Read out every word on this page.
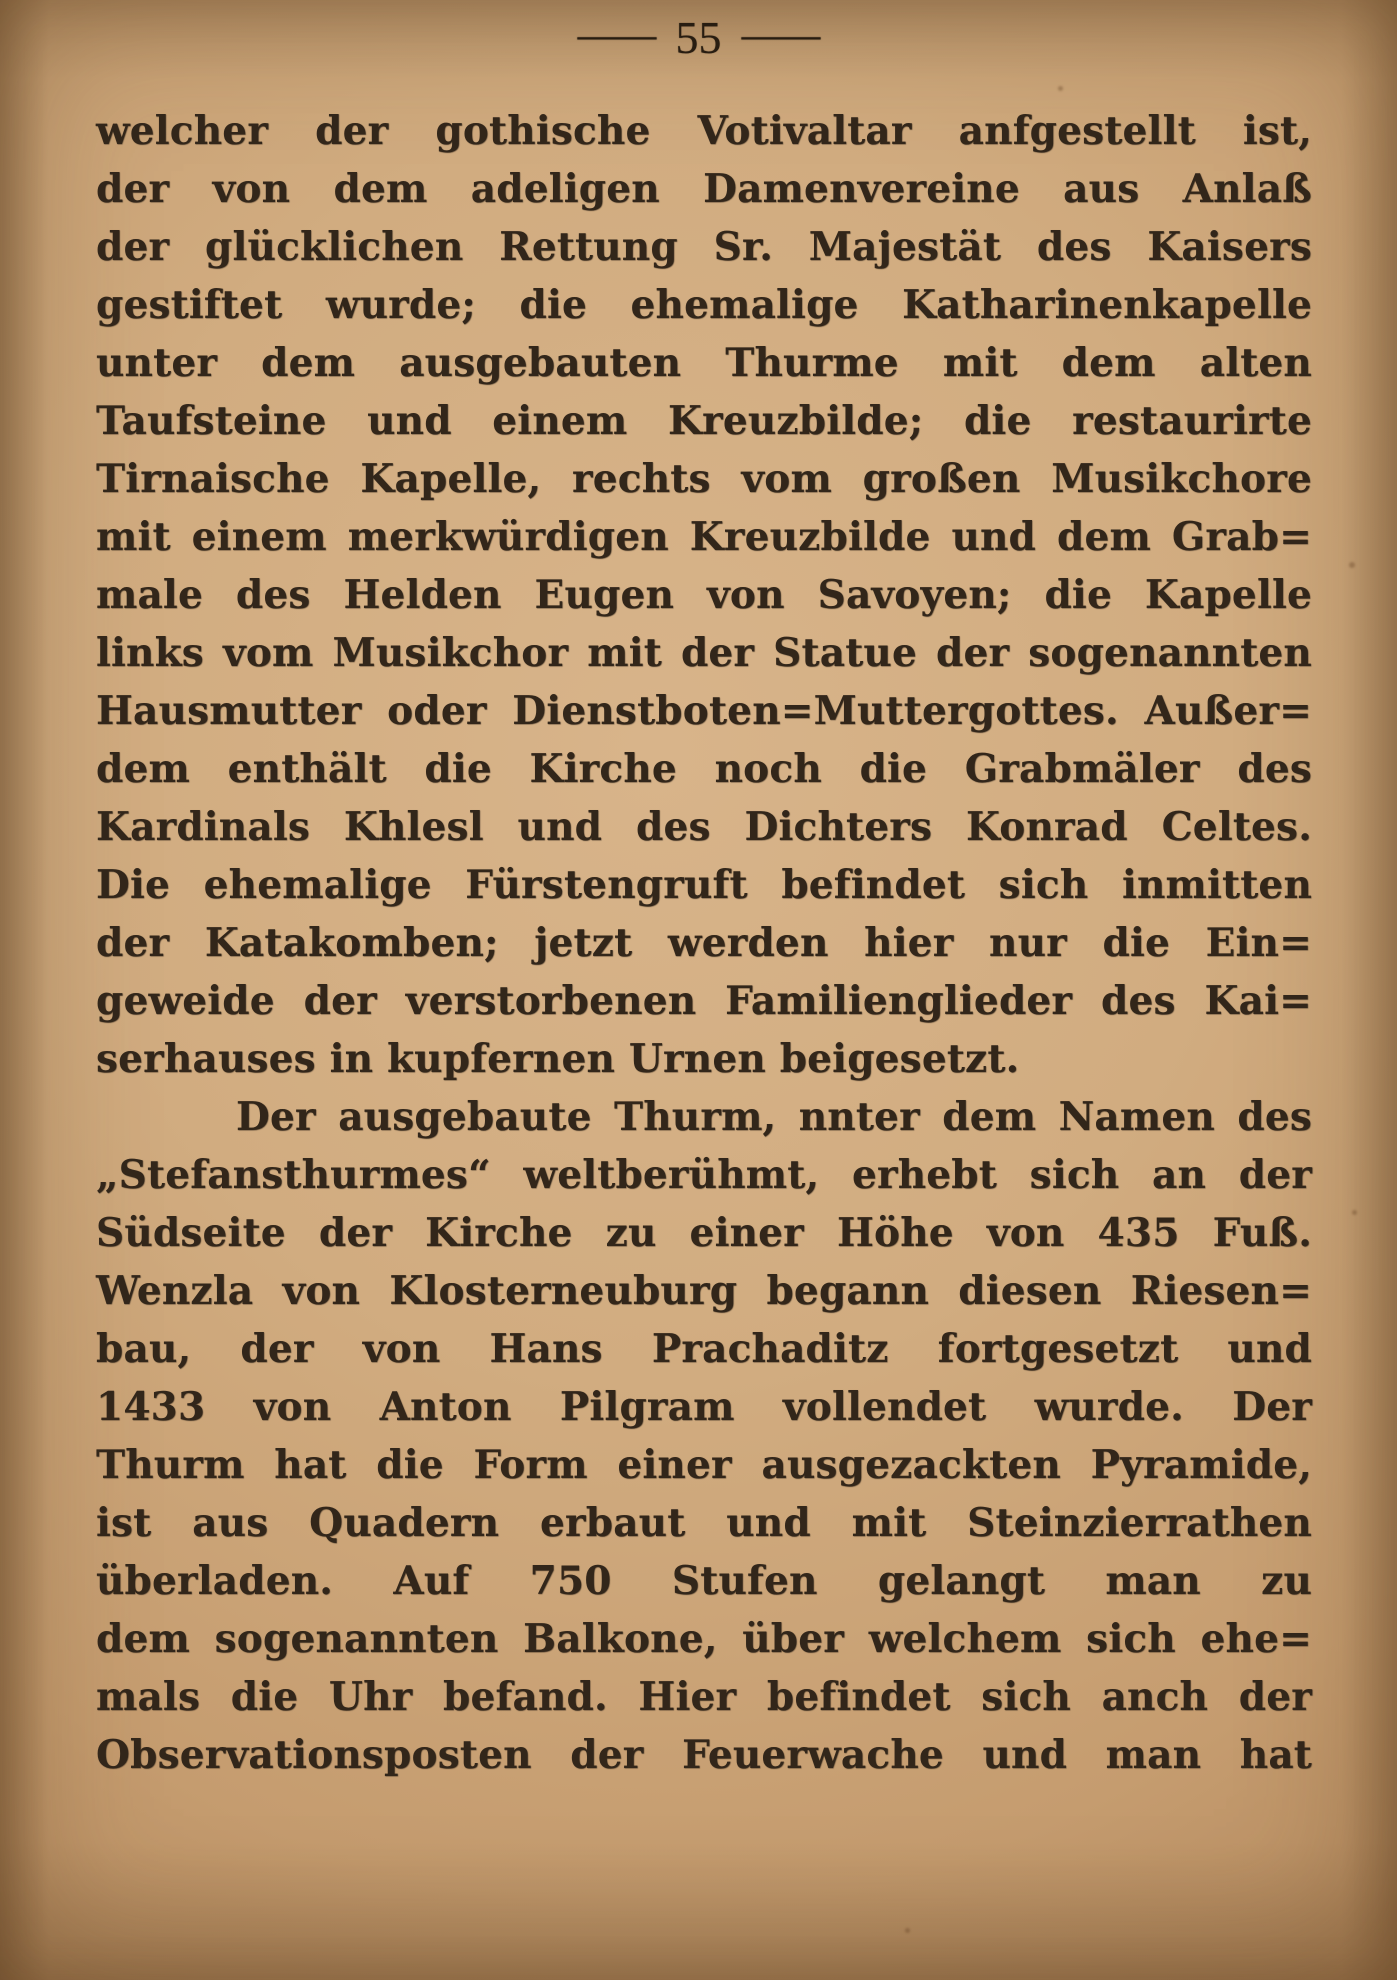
— 55 —
welcher der gothische Votivaltar anfgestellt ist,
der von dem adeligen Damenvereine aus Anlaß
der glücklichen Rettung Sr. Majestät des Kaisers
gestiftet wurde; die ehemalige Katharinenkapelle
unter dem ausgebauten Thurme mit dem alten
Taufsteine und einem Kreuzbilde; die restaurirte
Tirnaische Kapelle, rechts vom großen Musikchore
mit einem merkwürdigen Kreuzbilde und dem Grab=
male des Helden Eugen von Savoyen; die Kapelle
links vom Musikchor mit der Statue der sogenannten
Hausmutter oder Dienstboten=Muttergottes. Außer=
dem enthält die Kirche noch die Grabmäler des
Kardinals Khlesl und des Dichters Konrad Celtes.
Die ehemalige Fürstengruft befindet sich inmitten
der Katakomben; jetzt werden hier nur die Ein=
geweide der verstorbenen Familienglieder des Kai=
serhauses in kupfernen Urnen beigesetzt.
Der ausgebaute Thurm, nnter dem Namen des
„Stefansthurmes“ weltberühmt, erhebt sich an der
Südseite der Kirche zu einer Höhe von 435 Fuß.
Wenzla von Klosterneuburg begann diesen Riesen=
bau, der von Hans Prachaditz fortgesetzt und
1433 von Anton Pilgram vollendet wurde. Der
Thurm hat die Form einer ausgezackten Pyramide,
ist aus Quadern erbaut und mit Steinzierrathen
überladen. Auf 750 Stufen gelangt man zu
dem sogenannten Balkone, über welchem sich ehe=
mals die Uhr befand. Hier befindet sich anch der
Observationsposten der Feuerwache und man hat
